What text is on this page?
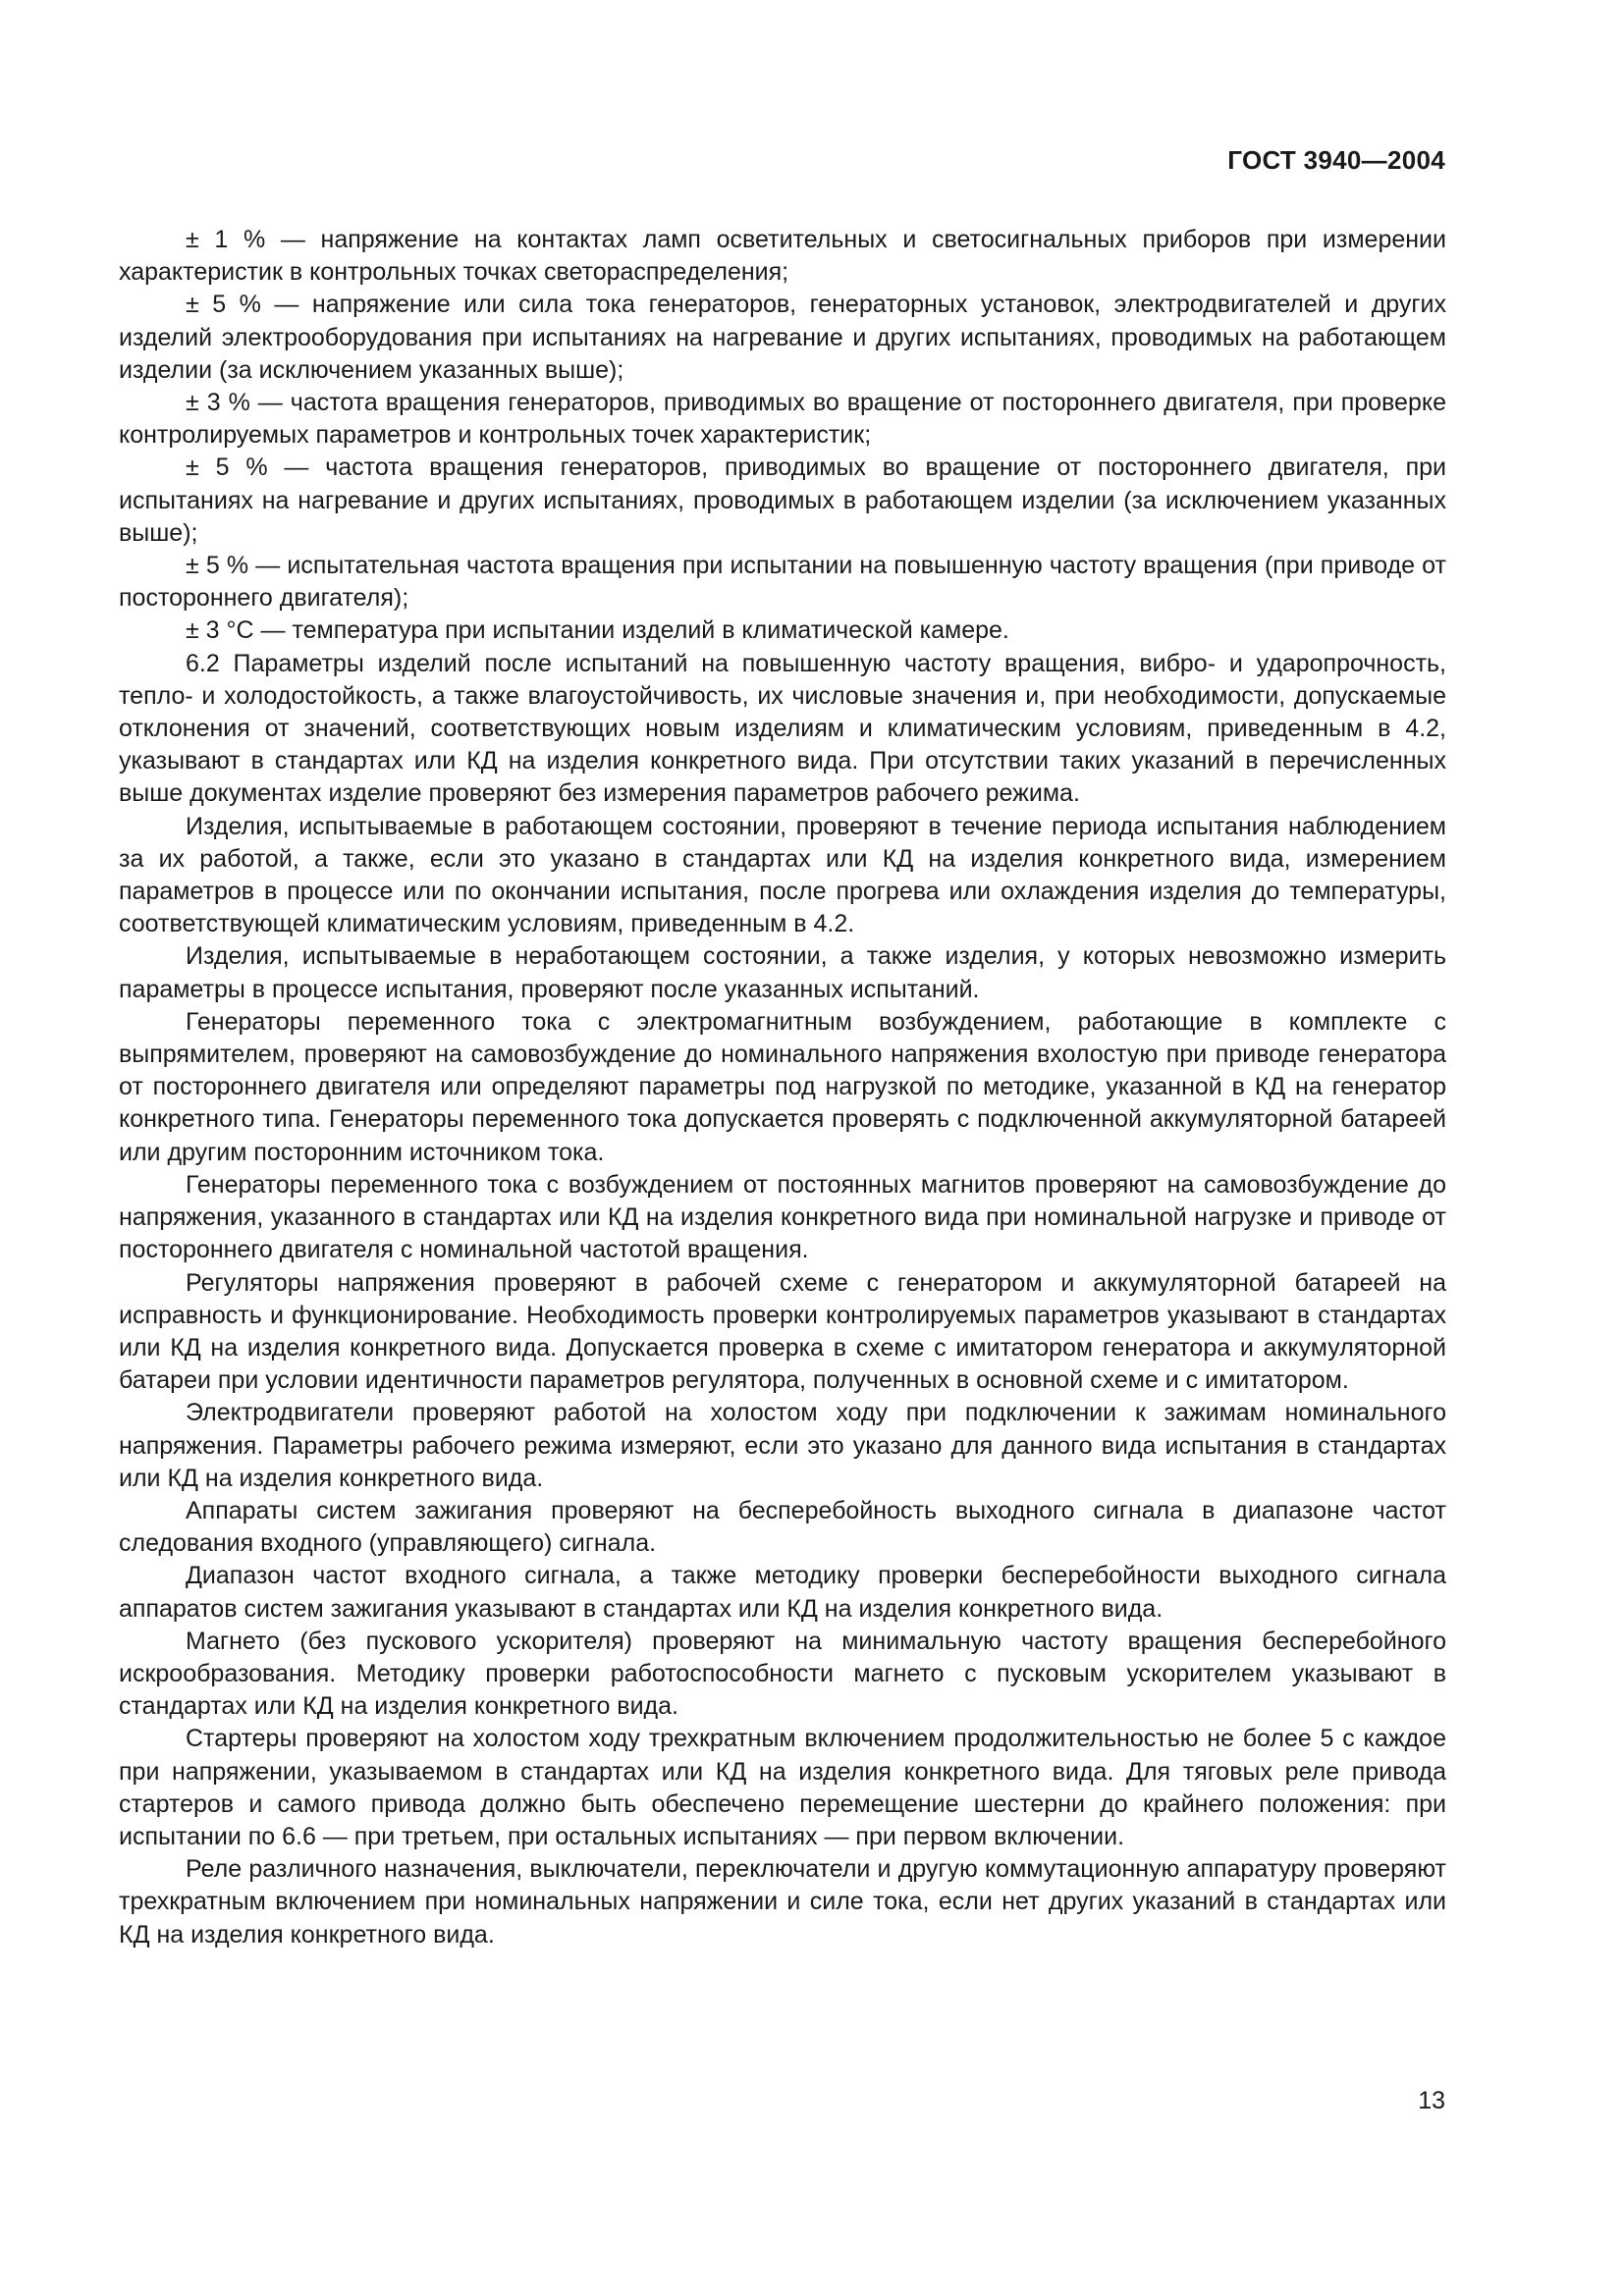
ГОСТ 3940—2004

± 1 % — напряжение на контактах ламп осветительных и светосигнальных приборов при измерении характеристик в контрольных точках светораспределения;

± 5 % — напряжение или сила тока генераторов, генераторных установок, электродвигателей и других изделий электрооборудования при испытаниях на нагревание и других испытаниях, проводимых на работающем изделии (за исключением указанных выше);

± 3 % — частота вращения генераторов, приводимых во вращение от постороннего двигателя, при проверке контролируемых параметров и контрольных точек характеристик;

± 5 % — частота вращения генераторов, приводимых во вращение от постороннего двигателя, при испытаниях на нагревание и других испытаниях, проводимых в работающем изделии (за исключением указанных выше);

± 5 % — испытательная частота вращения при испытании на повышенную частоту вращения (при приводе от постороннего двигателя);

± 3 °С — температура при испытании изделий в климатической камере.

6.2 Параметры изделий после испытаний на повышенную частоту вращения, вибро- и ударопрочность, тепло- и холодостойкость, а также влагоустойчивость, их числовые значения и, при необходимости, допускаемые отклонения от значений, соответствующих новым изделиям и климатическим условиям, приведенным в 4.2, указывают в стандартах или КД на изделия конкретного вида. При отсутствии таких указаний в перечисленных выше документах изделие проверяют без измерения параметров рабочего режима.

Изделия, испытываемые в работающем состоянии, проверяют в течение периода испытания наблюдением за их работой, а также, если это указано в стандартах или КД на изделия конкретного вида, измерением параметров в процессе или по окончании испытания, после прогрева или охлаждения изделия до температуры, соответствующей климатическим условиям, приведенным в 4.2.

Изделия, испытываемые в неработающем состоянии, а также изделия, у которых невозможно измерить параметры в процессе испытания, проверяют после указанных испытаний.

Генераторы переменного тока с электромагнитным возбуждением, работающие в комплекте с выпрямителем, проверяют на самовозбуждение до номинального напряжения вхолостую при приводе генератора от постороннего двигателя или определяют параметры под нагрузкой по методике, указанной в КД на генератор конкретного типа. Генераторы переменного тока допускается проверять с подключенной аккумуляторной батареей или другим посторонним источником тока.

Генераторы переменного тока с возбуждением от постоянных магнитов проверяют на самовозбуждение до напряжения, указанного в стандартах или КД на изделия конкретного вида при номинальной нагрузке и приводе от постороннего двигателя с номинальной частотой вращения.

Регуляторы напряжения проверяют в рабочей схеме с генератором и аккумуляторной батареей на исправность и функционирование. Необходимость проверки контролируемых параметров указывают в стандартах или КД на изделия конкретного вида. Допускается проверка в схеме с имитатором генератора и аккумуляторной батареи при условии идентичности параметров регулятора, полученных в основной схеме и с имитатором.

Электродвигатели проверяют работой на холостом ходу при подключении к зажимам номинального напряжения. Параметры рабочего режима измеряют, если это указано для данного вида испытания в стандартах или КД на изделия конкретного вида.

Аппараты систем зажигания проверяют на бесперебойность выходного сигнала в диапазоне частот следования входного (управляющего) сигнала.

Диапазон частот входного сигнала, а также методику проверки бесперебойности выходного сигнала аппаратов систем зажигания указывают в стандартах или КД на изделия конкретного вида.

Магнето (без пускового ускорителя) проверяют на минимальную частоту вращения бесперебойного искрообразования. Методику проверки работоспособности магнето с пусковым ускорителем указывают в стандартах или КД на изделия конкретного вида.

Стартеры проверяют на холостом ходу трехкратным включением продолжительностью не более 5 с каждое при напряжении, указываемом в стандартах или КД на изделия конкретного вида. Для тяговых реле привода стартеров и самого привода должно быть обеспечено перемещение шестерни до крайнего положения: при испытании по 6.6 — при третьем, при остальных испытаниях — при первом включении.

Реле различного назначения, выключатели, переключатели и другую коммутационную аппаратуру проверяют трехкратным включением при номинальных напряжении и силе тока, если нет других указаний в стандартах или КД на изделия конкретного вида.

13
